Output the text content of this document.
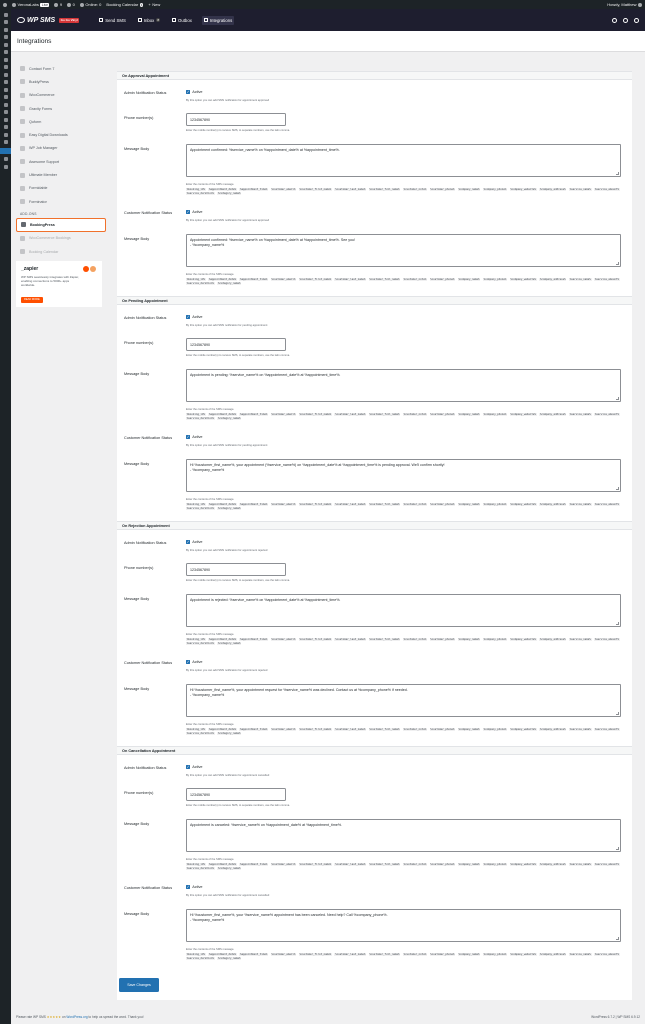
VeronaLabs Live	9	0	Online: 0 Booking Calendar 1 + New	Howdy, Matthew
WP SMS	Go Go Vinyl	Send SMS	Inbox	8	Outbox	Integrations
Integrations
Contact Form 7
BuddyPress
WooCommerce
Gravity Forms
Quform
Easy Digital Downloads
WP Job Manager
Awesome Support
Ultimate Member
Formidable
Forminator
ADD-ONS
BookingPress
WooCommerce Bookings
Booking Calendar
_zapier
WP SMS seamlessly integrates with Zapier, enabling connections to 5000+ apps worldwide.
READ MORE
On Approval Appointment
Admin Notification Status	✓ Active
By this option you can add SMS notification for appointment approved
Phone number(s)	1234567890
Enter the mobile number(s) to receive SMS, to separate numbers, use the latin comma.
Message Body	Appointment confirmed: %service_name% on %appointment_date% at %appointment_time%.
Enter the contents of the SMS message.
%booking_id%	%appointment_date%	%appointment_time%	%customer_email%	%customer_first_name%	%customer_last_name%	%customer_full_name%	%customer_note%	%customer_phone%	%company_name%	%company_phone%	%company_website%	%company_address%	%service_name%	%service_amount%
%service_duration%	%category_name%
Customer Notification Status	✓ Active
By this option you can add SMS notification for appointment approved
Message Body	Appointment confirmed: %service_name% on %appointment_date% at %appointment_time%. See you!
- %company_name%
Enter the contents of the SMS message.
%booking_id%	%appointment_date%	%appointment_time%	%customer_email%	%customer_first_name%	%customer_last_name%	%customer_full_name%	%customer_note%	%customer_phone%	%company_name%	%company_phone%	%company_website%	%company_address%	%service_name%	%service_amount%
%service_duration%	%category_name%
On Pending Appointment
Admin Notification Status	✓ Active
By this option you can add SMS notification for pending appointment
Phone number(s)	1234567890
Enter the mobile number(s) to receive SMS, to separate numbers, use the latin comma.
Message Body	Appointment is pending: %service_name% on %appointment_date% at %appointment_time%.
Enter the contents of the SMS message.
%booking_id%	%appointment_date%	%appointment_time%	%customer_email%	%customer_first_name%	%customer_last_name%	%customer_full_name%	%customer_note%	%customer_phone%	%company_name%	%company_phone%	%company_website%	%company_address%	%service_name%	%service_amount%
%service_duration%	%category_name%
Customer Notification Status	✓ Active
By this option you can add SMS notification for pending appointment
Message Body	Hi %customer_first_name%, your appointment (%service_name%) on %appointment_date% at %appointment_time% is pending approval. We'll confirm shortly!
- %company_name%
Enter the contents of the SMS message.
%booking_id%	%appointment_date%	%appointment_time%	%customer_email%	%customer_first_name%	%customer_last_name%	%customer_full_name%	%customer_note%	%customer_phone%	%company_name%	%company_phone%	%company_website%	%company_address%	%service_name%	%service_amount%
%service_duration%	%category_name%
On Rejection Appointment
Admin Notification Status	✓ Active
By this option you can add SMS notification for appointment rejected
Phone number(s)	1234567890
Enter the mobile number(s) to receive SMS, to separate numbers, use the latin comma.
Message Body	Appointment is rejected: %service_name% on %appointment_date% at %appointment_time%.
Enter the contents of the SMS message.
%booking_id%	%appointment_date%	%appointment_time%	%customer_email%	%customer_first_name%	%customer_last_name%	%customer_full_name%	%customer_note%	%customer_phone%	%company_name%	%company_phone%	%company_website%	%company_address%	%service_name%	%service_amount%
%service_duration%	%category_name%
Customer Notification Status	✓ Active
By this option you can add SMS notification for appointment rejected
Message Body	Hi %customer_first_name%, your appointment request for %service_name% was declined. Contact us at %company_phone% if needed.
- %company_name%
Enter the contents of the SMS message.
%booking_id%	%appointment_date%	%appointment_time%	%customer_email%	%customer_first_name%	%customer_last_name%	%customer_full_name%	%customer_note%	%customer_phone%	%company_name%	%company_phone%	%company_website%	%company_address%	%service_name%	%service_amount%
%service_duration%	%category_name%
On Cancellation Appointment
Admin Notification Status	✓ Active
By this option you can add SMS notification for appointment cancelled
Phone number(s)	1234567890
Enter the mobile number(s) to receive SMS, to separate numbers, use the latin comma.
Message Body	Appointment is canceled: %service_name% on %appointment_date% at %appointment_time%.
Enter the contents of the SMS message.
%booking_id%	%appointment_date%	%appointment_time%	%customer_email%	%customer_first_name%	%customer_last_name%	%customer_full_name%	%customer_note%	%customer_phone%	%company_name%	%company_phone%	%company_website%	%company_address%	%service_name%	%service_amount%
%service_duration%	%category_name%
Customer Notification Status	✓ Active
By this option you can add SMS notification for appointment cancelled
Message Body	Hi %customer_first_name%, your %service_name% appointment has been canceled. Need help? Call %company_phone%.
- %company_name%
Enter the contents of the SMS message.
%booking_id%	%appointment_date%	%appointment_time%	%customer_email%	%customer_first_name%	%customer_last_name%	%customer_full_name%	%customer_note%	%customer_phone%	%company_name%	%company_phone%	%company_website%	%company_address%	%service_name%	%service_amount%
%service_duration%	%category_name%
Save Changes
Please rate WP SMS ★★★★★ on WordPress.org to help us spread the word. Thank you!	WordPress 6.7.2 | WP SMS 6.9.12
